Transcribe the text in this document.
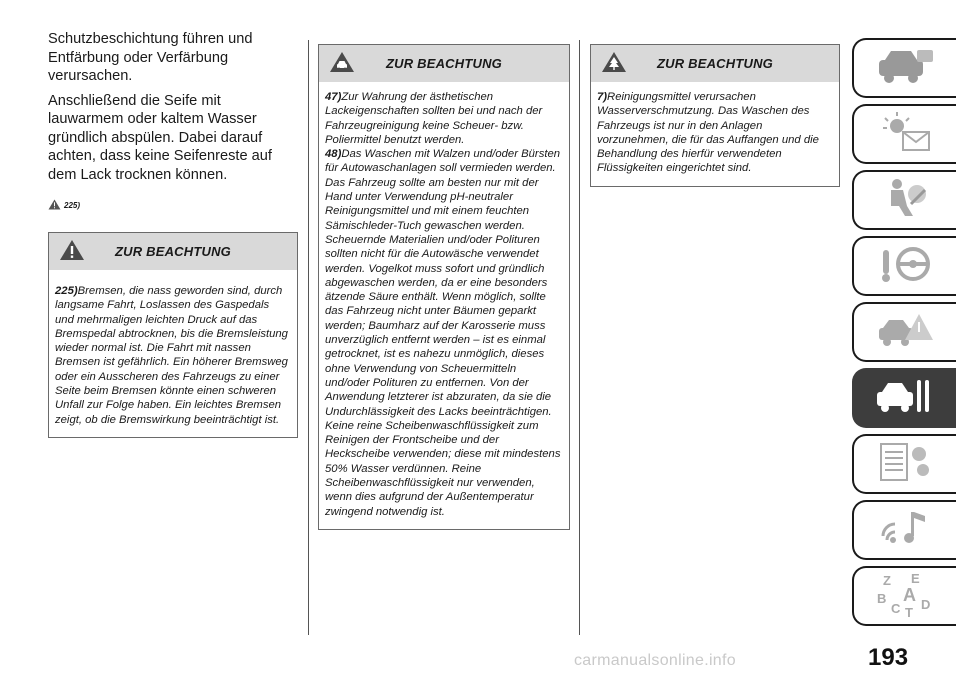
Schutzbeschichtung führen und Entfärbung oder Verfärbung verursachen.

Anschließend die Seife mit lauwarmem oder kaltem Wasser gründlich abspülen. Dabei darauf achten, dass keine Seifenreste auf dem Lack trocknen können.

225)
ZUR BEACHTUNG

225)Bremsen, die nass geworden sind, durch langsame Fahrt, Loslassen des Gaspedals und mehrmaligen leichten Druck auf das Bremspedal abtrocknen, bis die Bremsleistung wieder normal ist. Die Fahrt mit nassen Bremsen ist gefährlich. Ein höherer Bremsweg oder ein Ausscheren des Fahrzeugs zu einer Seite beim Bremsen könnte einen schweren Unfall zur Folge haben. Ein leichtes Bremsen zeigt, ob die Bremswirkung beeinträchtigt ist.

ZUR BEACHTUNG

47)Zur Wahrung der ästhetischen Lackeigenschaften sollten bei und nach der Fahrzeugreinigung keine Scheuer- bzw. Poliermittel benutzt werden.

48)Das Waschen mit Walzen und/oder Bürsten für Autowaschanlagen soll vermieden werden. Das Fahrzeug sollte am besten nur mit der Hand unter Verwendung pH-neutraler Reinigungsmittel und mit einem feuchten Sämischleder-Tuch gewaschen werden. Scheuernde Materialien und/oder Polituren sollten nicht für die Autowäsche verwendet werden. Vogelkot muss sofort und gründlich abgewaschen werden, da er eine besonders ätzende Säure enthält. Wenn möglich, sollte das Fahrzeug nicht unter Bäumen geparkt werden; Baumharz auf der Karosserie muss unverzüglich entfernt werden – ist es einmal getrocknet, ist es nahezu unmöglich, dieses ohne Verwendung von Scheuermitteln und/oder Polituren zu entfernen. Von der Anwendung letzterer ist abzuraten, da sie die Undurchlässigkeit des Lacks beeinträchtigen. Keine reine Scheibenwaschflüssigkeit zum Reinigen der Frontscheibe und der Heckscheibe verwenden; diese mit mindestens 50% Wasser verdünnen. Reine Scheibenwaschflüssigkeit nur verwenden, wenn dies aufgrund der Außentemperatur zwingend notwendig ist.

ZUR BEACHTUNG

7)Reinigungsmittel verursachen Wasserverschmutzung. Das Waschen des Fahrzeugs ist nur in den Anlagen vorzunehmen, die für das Auffangen und die Behandlung des hierfür verwendeten Flüssigkeiten eingerichtet sind.

Z E
B A
C D
T
193
carmanualsonline.info
